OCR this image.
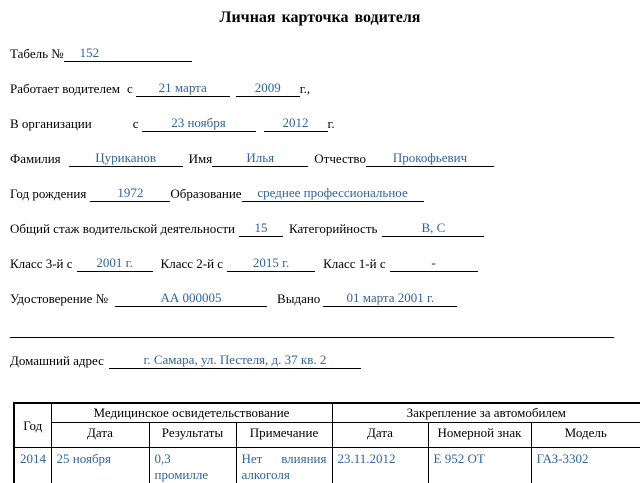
Личная карточка водителя
Табель № 152
Работает водителем с 21 марта	2009 г.,
В организации	с	23 ноября	2012 г.
Фамилия	Цуриканов	Имя	Илья	Отчество Прокофьевич
Год рождения 1972 Образование среднее профессиональное
Общий стаж водительской деятельности 15 Категорийность	В, С
Класс 3-й с 2001 г. Класс 2-й с 2015 г.	Класс 1-й с	-
Удостоверение №	АА 000005	Выдано 01 марта 2001 г.
Домашний адрес	г. Самара, ул. Пестеля, д. 37 кв. 2
Год	Медицинское освидетельствование			Закрепление за автомобилем		
	Дата	Результаты	Примечание	Дата	Номерной знак	Модель
2014	25 ноября	0,3 промилле	Нет влияния алкоголя	23.11.2012	Е 952 ОТ	ГАЗ-3302
